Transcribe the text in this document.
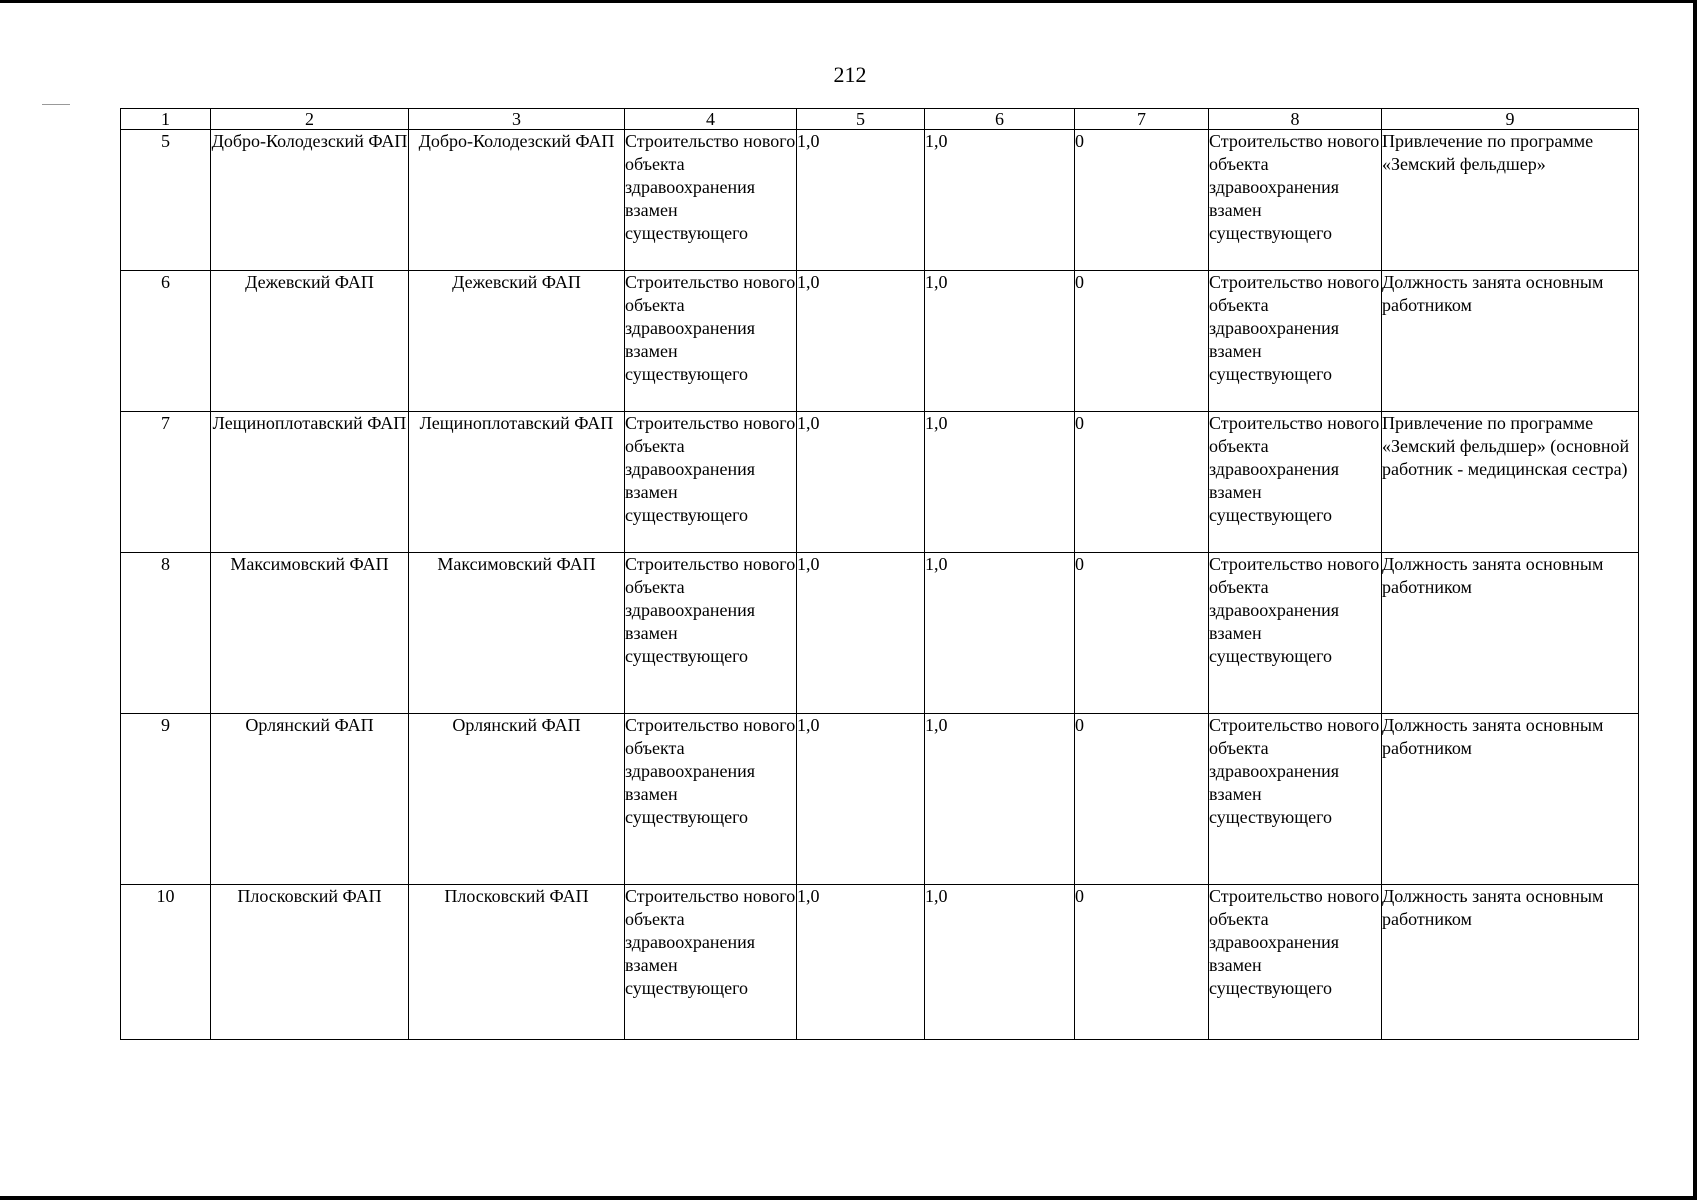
212
1	2	3	4	5	6	7	8	9
5	Добро-Колодезский ФАП	Добро-Колодезский ФАП	Строительство нового объекта здравоохранения взамен существующего	1,0	1,0	0	Строительство нового объекта здравоохранения взамен существующего	Привлечение по программе «Земский фельдшер»
6	Дежевский ФАП	Дежевский ФАП	Строительство нового объекта здравоохранения взамен существующего	1,0	1,0	0	Строительство нового объекта здравоохранения взамен существующего	Должность занята основным работником
7	Лещиноплотавский ФАП	Лещиноплотавский ФАП	Строительство нового объекта здравоохранения взамен существующего	1,0	1,0	0	Строительство нового объекта здравоохранения взамен существующего	Привлечение по программе «Земский фельдшер» (основной работник - медицинская сестра)
8	Максимовский ФАП	Максимовский ФАП	Строительство нового объекта здравоохранения взамен существующего	1,0	1,0	0	Строительство нового объекта здравоохранения взамен существующего	Должность занята основным работником
9	Орлянский ФАП	Орлянский ФАП	Строительство нового объекта здравоохранения взамен существующего	1,0	1,0	0	Строительство нового объекта здравоохранения взамен существующего	Должность занята основным работником
10	Плосковский ФАП	Плосковский ФАП	Строительство нового объекта здравоохранения взамен существующего	1,0	1,0	0	Строительство нового объекта здравоохранения взамен существующего	Должность занята основным работником
